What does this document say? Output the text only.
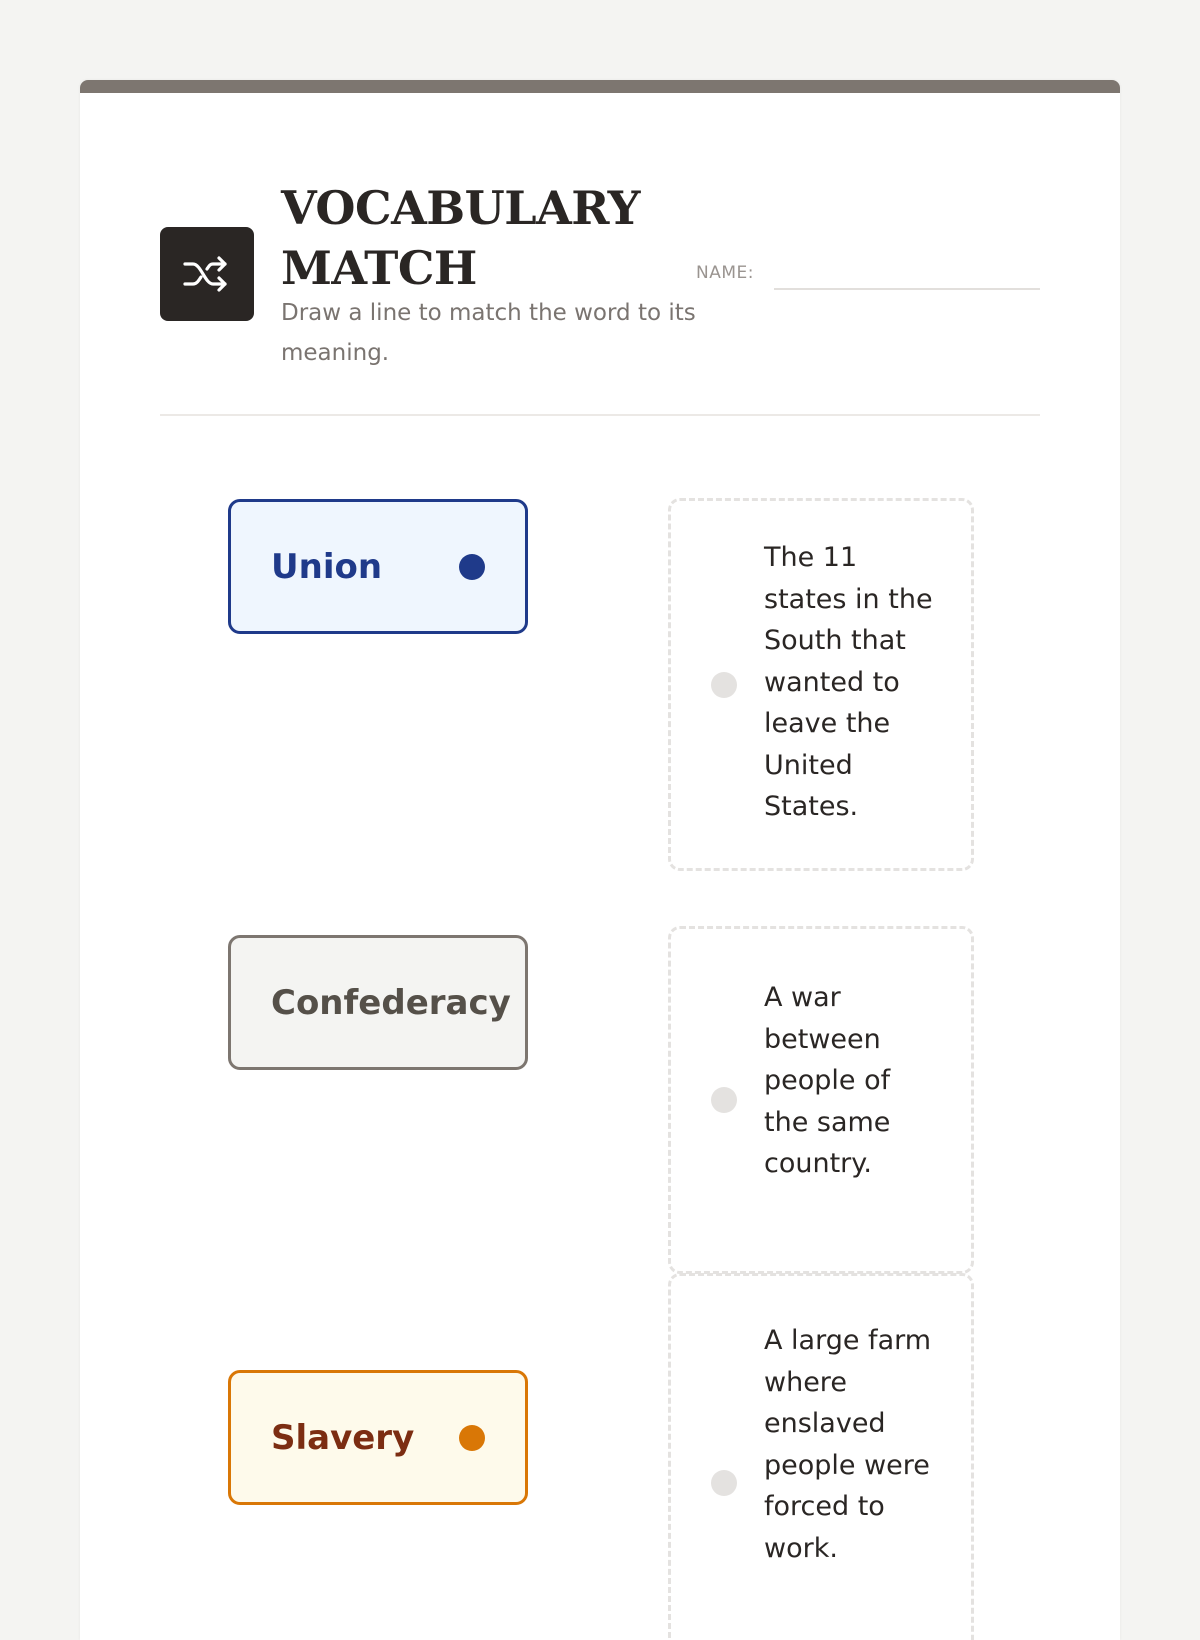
VOCABULARY MATCH
Draw a line to match the word to its meaning.
NAME:
Union
Confederacy
Slavery
The 11 states in the South that wanted to leave the United States.
A war between people of the same country.
A large farm where enslaved people were forced to work.
